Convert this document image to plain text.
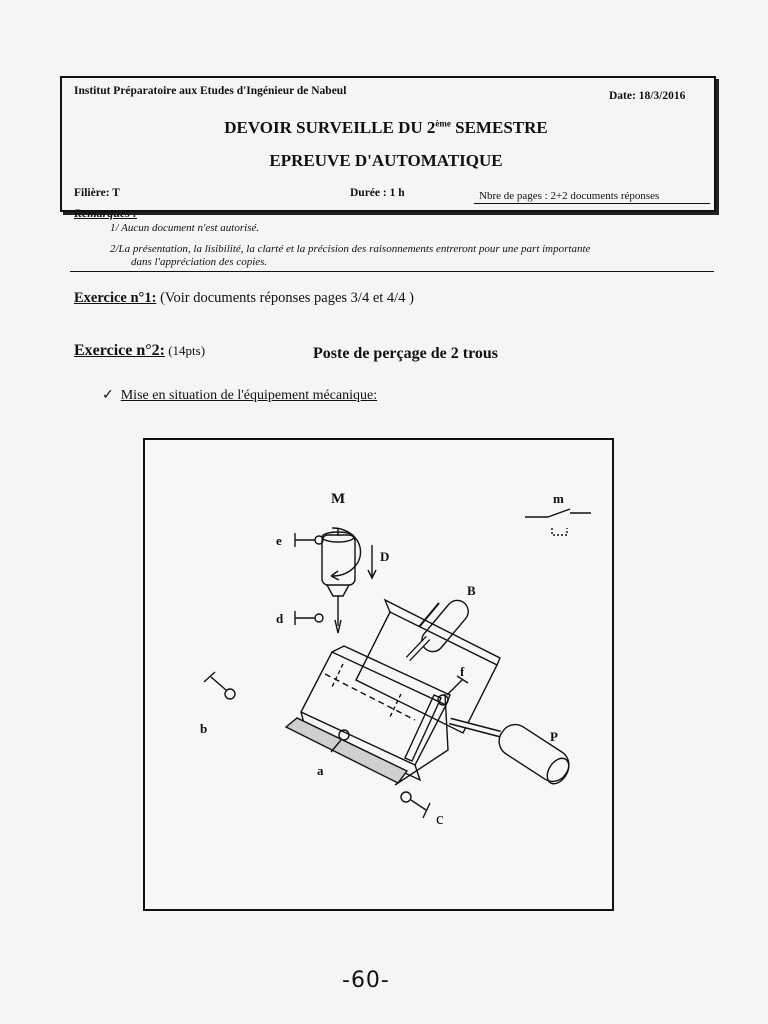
Institut Préparatoire aux Etudes d'Ingénieur de Nabeul	Date: 18/3/2016
DEVOIR SURVEILLE DU 2ème SEMESTRE
EPREUVE D'AUTOMATIQUE
Filière: T	Durée : 1 h	Nbre de pages : 2+2 documents réponses
Remarques :
1/ Aucun document n'est autorisé.
2/La présentation, la lisibilité, la clarté et la précision des raisonnements entreront pour une part importante
dans l'appréciation des copies.
Exercice n°1: (Voir documents réponses pages 3/4 et 4/4 )
Exercice n°2: (14pts)	Poste de perçage de 2 trous
✓ Mise en situation de l'équipement mécanique:
M
e
d
D
m
B
f
a
P
b
c
-60-
